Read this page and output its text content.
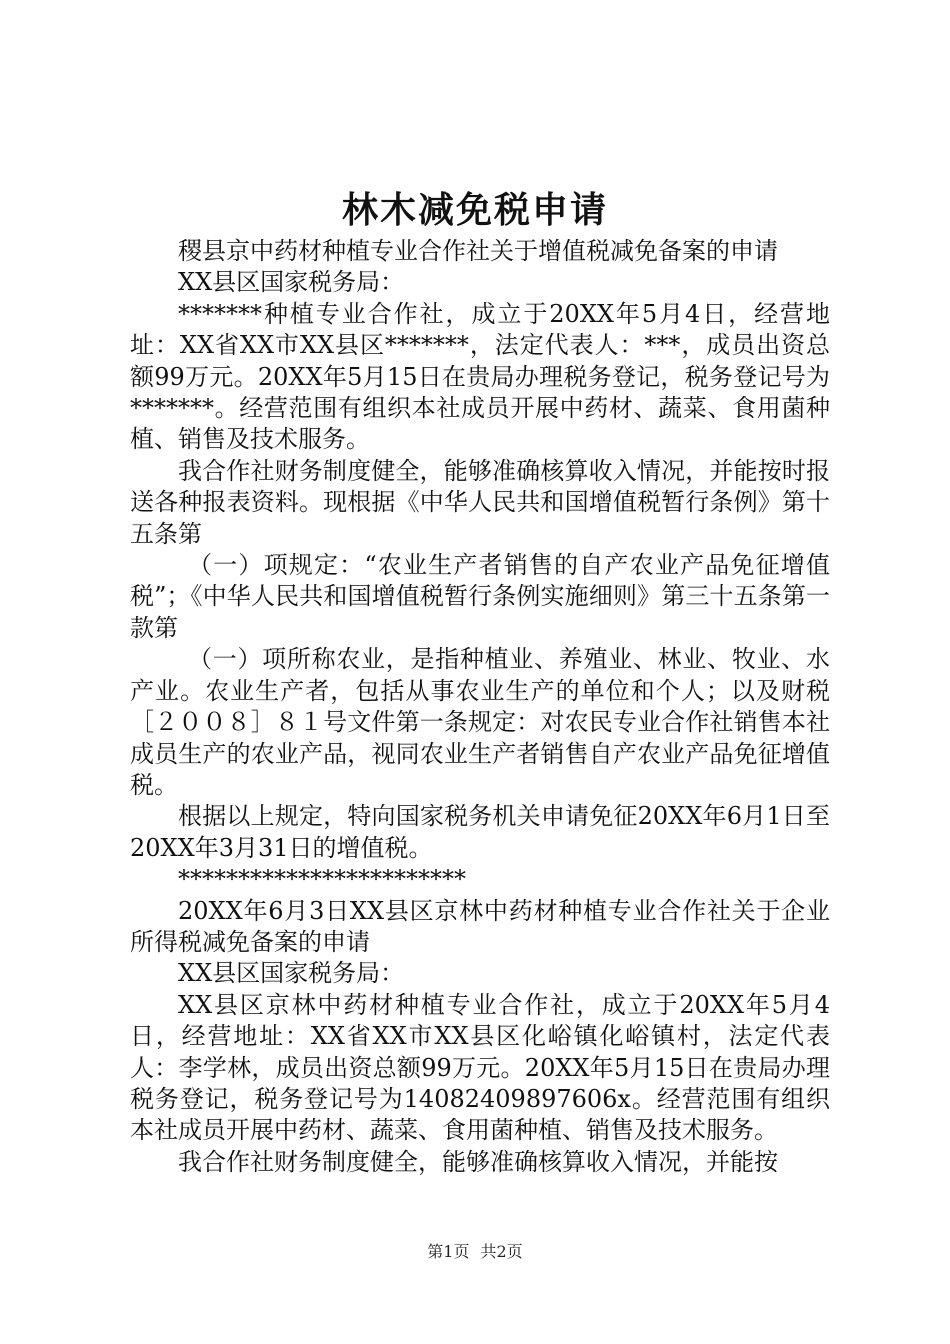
林木减免税申请

稷县京中药材种植专业合作社关于增值税减免备案的申请

XX县区国家税务局：

*******种植专业合作社，成立于20XX年5月4日，经营地址：XX省XX市XX县区*******，法定代表人：***，成员出资总额99万元。20XX年5月15日在贵局办理税务登记，税务登记号为*******。经营范围有组织本社成员开展中药材、蔬菜、食用菌种植、销售及技术服务。

我合作社财务制度健全，能够准确核算收入情况，并能按时报送各种报表资料。现根据《中华人民共和国增值税暂行条例》第十五条第

（一）项规定：“农业生产者销售的自产农业产品免征增值税”；《中华人民共和国增值税暂行条例实施细则》第三十五条第一款第

（一）项所称农业，是指种植业、养殖业、林业、牧业、水产业。农业生产者，包括从事农业生产的单位和个人；以及财税［２００８］８１号文件第一条规定：对农民专业合作社销售本社成员生产的农业产品，视同农业生产者销售自产农业产品免征增值税。

根据以上规定，特向国家税务机关申请免征20XX年6月1日至20XX年3月31日的增值税。

************************

20XX年6月3日XX县区京林中药材种植专业合作社关于企业所得税减免备案的申请

XX县区国家税务局：

XX县区京林中药材种植专业合作社，成立于20XX年5月4日，经营地址：XX省XX市XX县区化峪镇化峪镇村，法定代表人：李学林，成员出资总额99万元。20XX年5月15日在贵局办理税务登记，税务登记号为14082409897606x。经营范围有组织本社成员开展中药材、蔬菜、食用菌种植、销售及技术服务。

我合作社财务制度健全，能够准确核算收入情况，并能按

第1页 共2页
